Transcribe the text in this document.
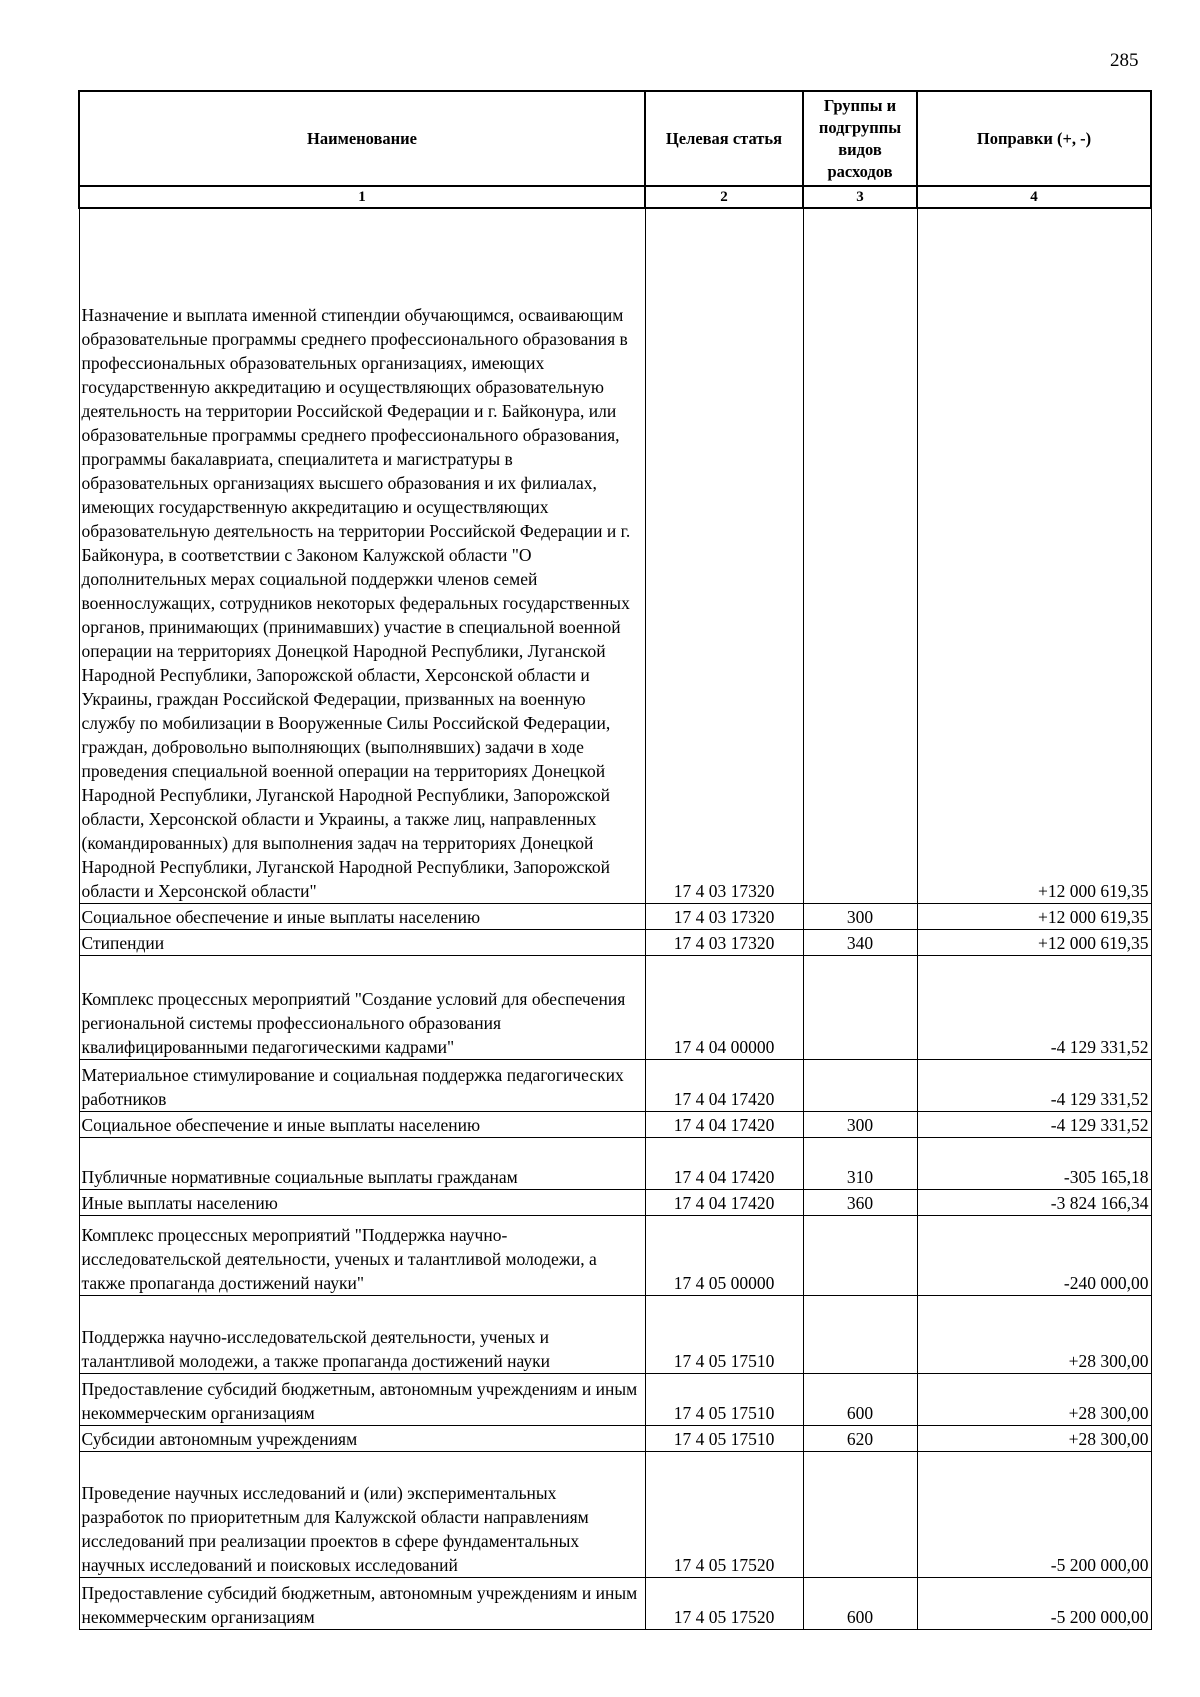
285
Наименование	Целевая статья	Группы и подгруппы видов расходов	Поправки (+, -)
1	2	3	4
Назначение и выплата именной стипендии обучающимся, осваивающим образовательные программы среднего профессионального образования в профессиональных образовательных организациях, имеющих государственную аккредитацию и осуществляющих образовательную деятельность на территории Российской Федерации и г. Байконура, или образовательные программы среднего профессионального образования, программы бакалавриата, специалитета и магистратуры в образовательных организациях высшего образования и их филиалах, имеющих государственную аккредитацию и осуществляющих образовательную деятельность на территории Российской Федерации и г. Байконура, в соответствии с Законом Калужской области "О дополнительных мерах социальной поддержки членов семей военнослужащих, сотрудников некоторых федеральных государственных органов, принимающих (принимавших) участие в специальной военной операции на территориях Донецкой Народной Республики, Луганской Народной Республики, Запорожской области, Херсонской области и Украины, граждан Российской Федерации, призванных на военную службу по мобилизации в Вооруженные Силы Российской Федерации, граждан, добровольно выполняющих (выполнявших) задачи в ходе проведения специальной военной операции на территориях Донецкой Народной Республики, Луганской Народной Республики, Запорожской области, Херсонской области и Украины, а также лиц, направленных (командированных) для выполнения задач на территориях Донецкой Народной Республики, Луганской Народной Республики, Запорожской области и Херсонской области"	17 4 03 17320		+12 000 619,35
Социальное обеспечение и иные выплаты населению	17 4 03 17320	300	+12 000 619,35
Стипендии	17 4 03 17320	340	+12 000 619,35
Комплекс процессных мероприятий "Создание условий для обеспечения региональной системы профессионального образования квалифицированными педагогическими кадрами"	17 4 04 00000		-4 129 331,52
Материальное стимулирование и социальная поддержка педагогических работников	17 4 04 17420		-4 129 331,52
Социальное обеспечение и иные выплаты населению	17 4 04 17420	300	-4 129 331,52
Публичные нормативные социальные выплаты гражданам	17 4 04 17420	310	-305 165,18
Иные выплаты населению	17 4 04 17420	360	-3 824 166,34
Комплекс процессных мероприятий "Поддержка научно-исследовательской деятельности, ученых и талантливой молодежи, а также пропаганда достижений науки"	17 4 05 00000		-240 000,00
Поддержка научно-исследовательской деятельности, ученых и талантливой молодежи, а также пропаганда достижений науки	17 4 05 17510		+28 300,00
Предоставление субсидий бюджетным, автономным учреждениям и иным некоммерческим организациям	17 4 05 17510	600	+28 300,00
Субсидии автономным учреждениям	17 4 05 17510	620	+28 300,00
Проведение научных исследований и (или) экспериментальных разработок по приоритетным для Калужской области направлениям исследований при реализации проектов в сфере фундаментальных научных исследований и поисковых исследований	17 4 05 17520		-5 200 000,00
Предоставление субсидий бюджетным, автономным учреждениям и иным некоммерческим организациям	17 4 05 17520	600	-5 200 000,00
